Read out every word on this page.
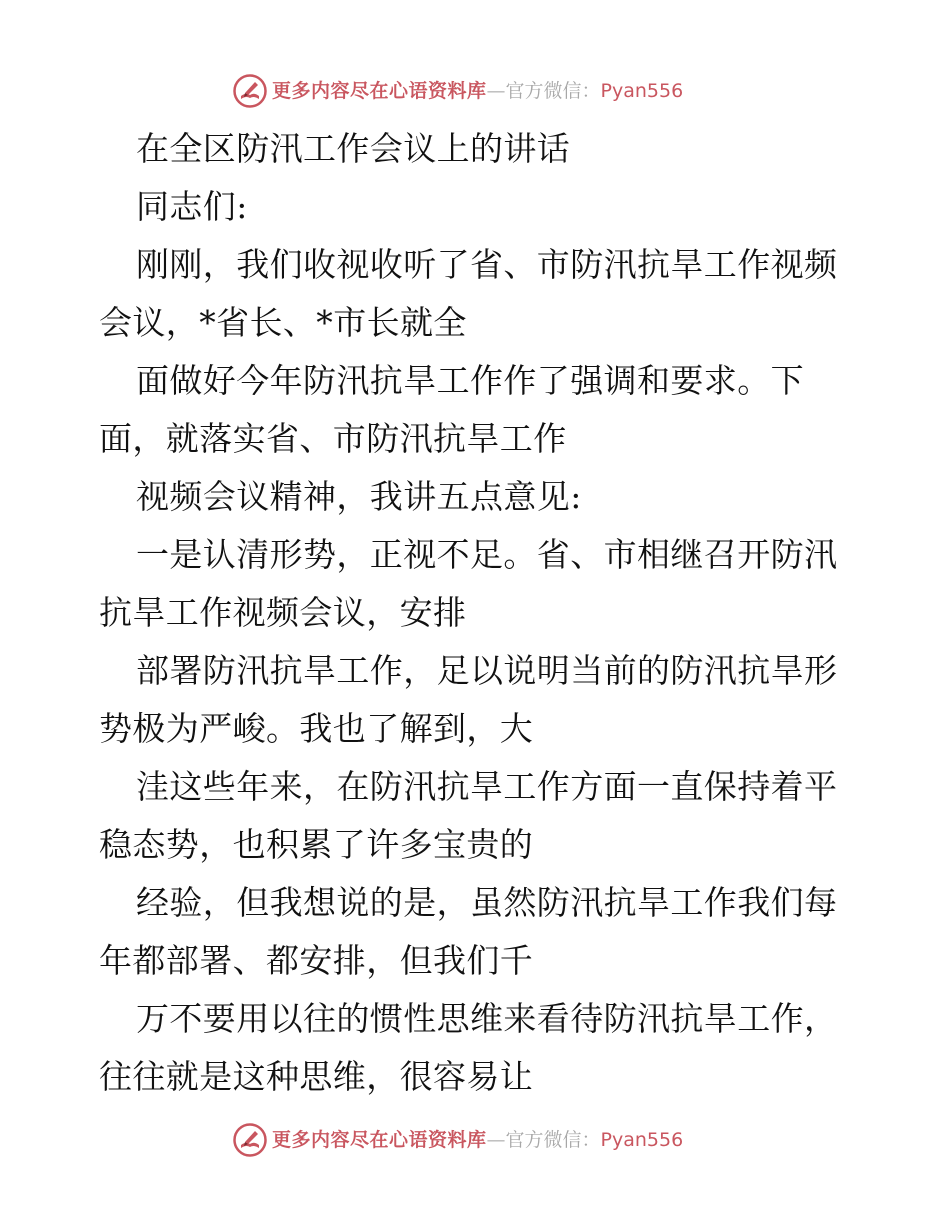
更多内容尽在心语资料库—官方微信：Pyan556
在全区防汛工作会议上的讲话
同志们:
刚刚，我们收视收听了省、市防汛抗旱工作视频
会议，*省长、*市长就全
面做好今年防汛抗旱工作作了强调和要求。下
面，就落实省、市防汛抗旱工作
视频会议精神，我讲五点意见:
一是认清形势，正视不足。省、市相继召开防汛
抗旱工作视频会议，安排
部署防汛抗旱工作，足以说明当前的防汛抗旱形
势极为严峻。我也了解到，大
洼这些年来，在防汛抗旱工作方面一直保持着平
稳态势，也积累了许多宝贵的
经验，但我想说的是，虽然防汛抗旱工作我们每
年都部署、都安排，但我们千
万不要用以往的惯性思维来看待防汛抗旱工作，
往往就是这种思维，很容易让
更多内容尽在心语资料库—官方微信：Pyan556
